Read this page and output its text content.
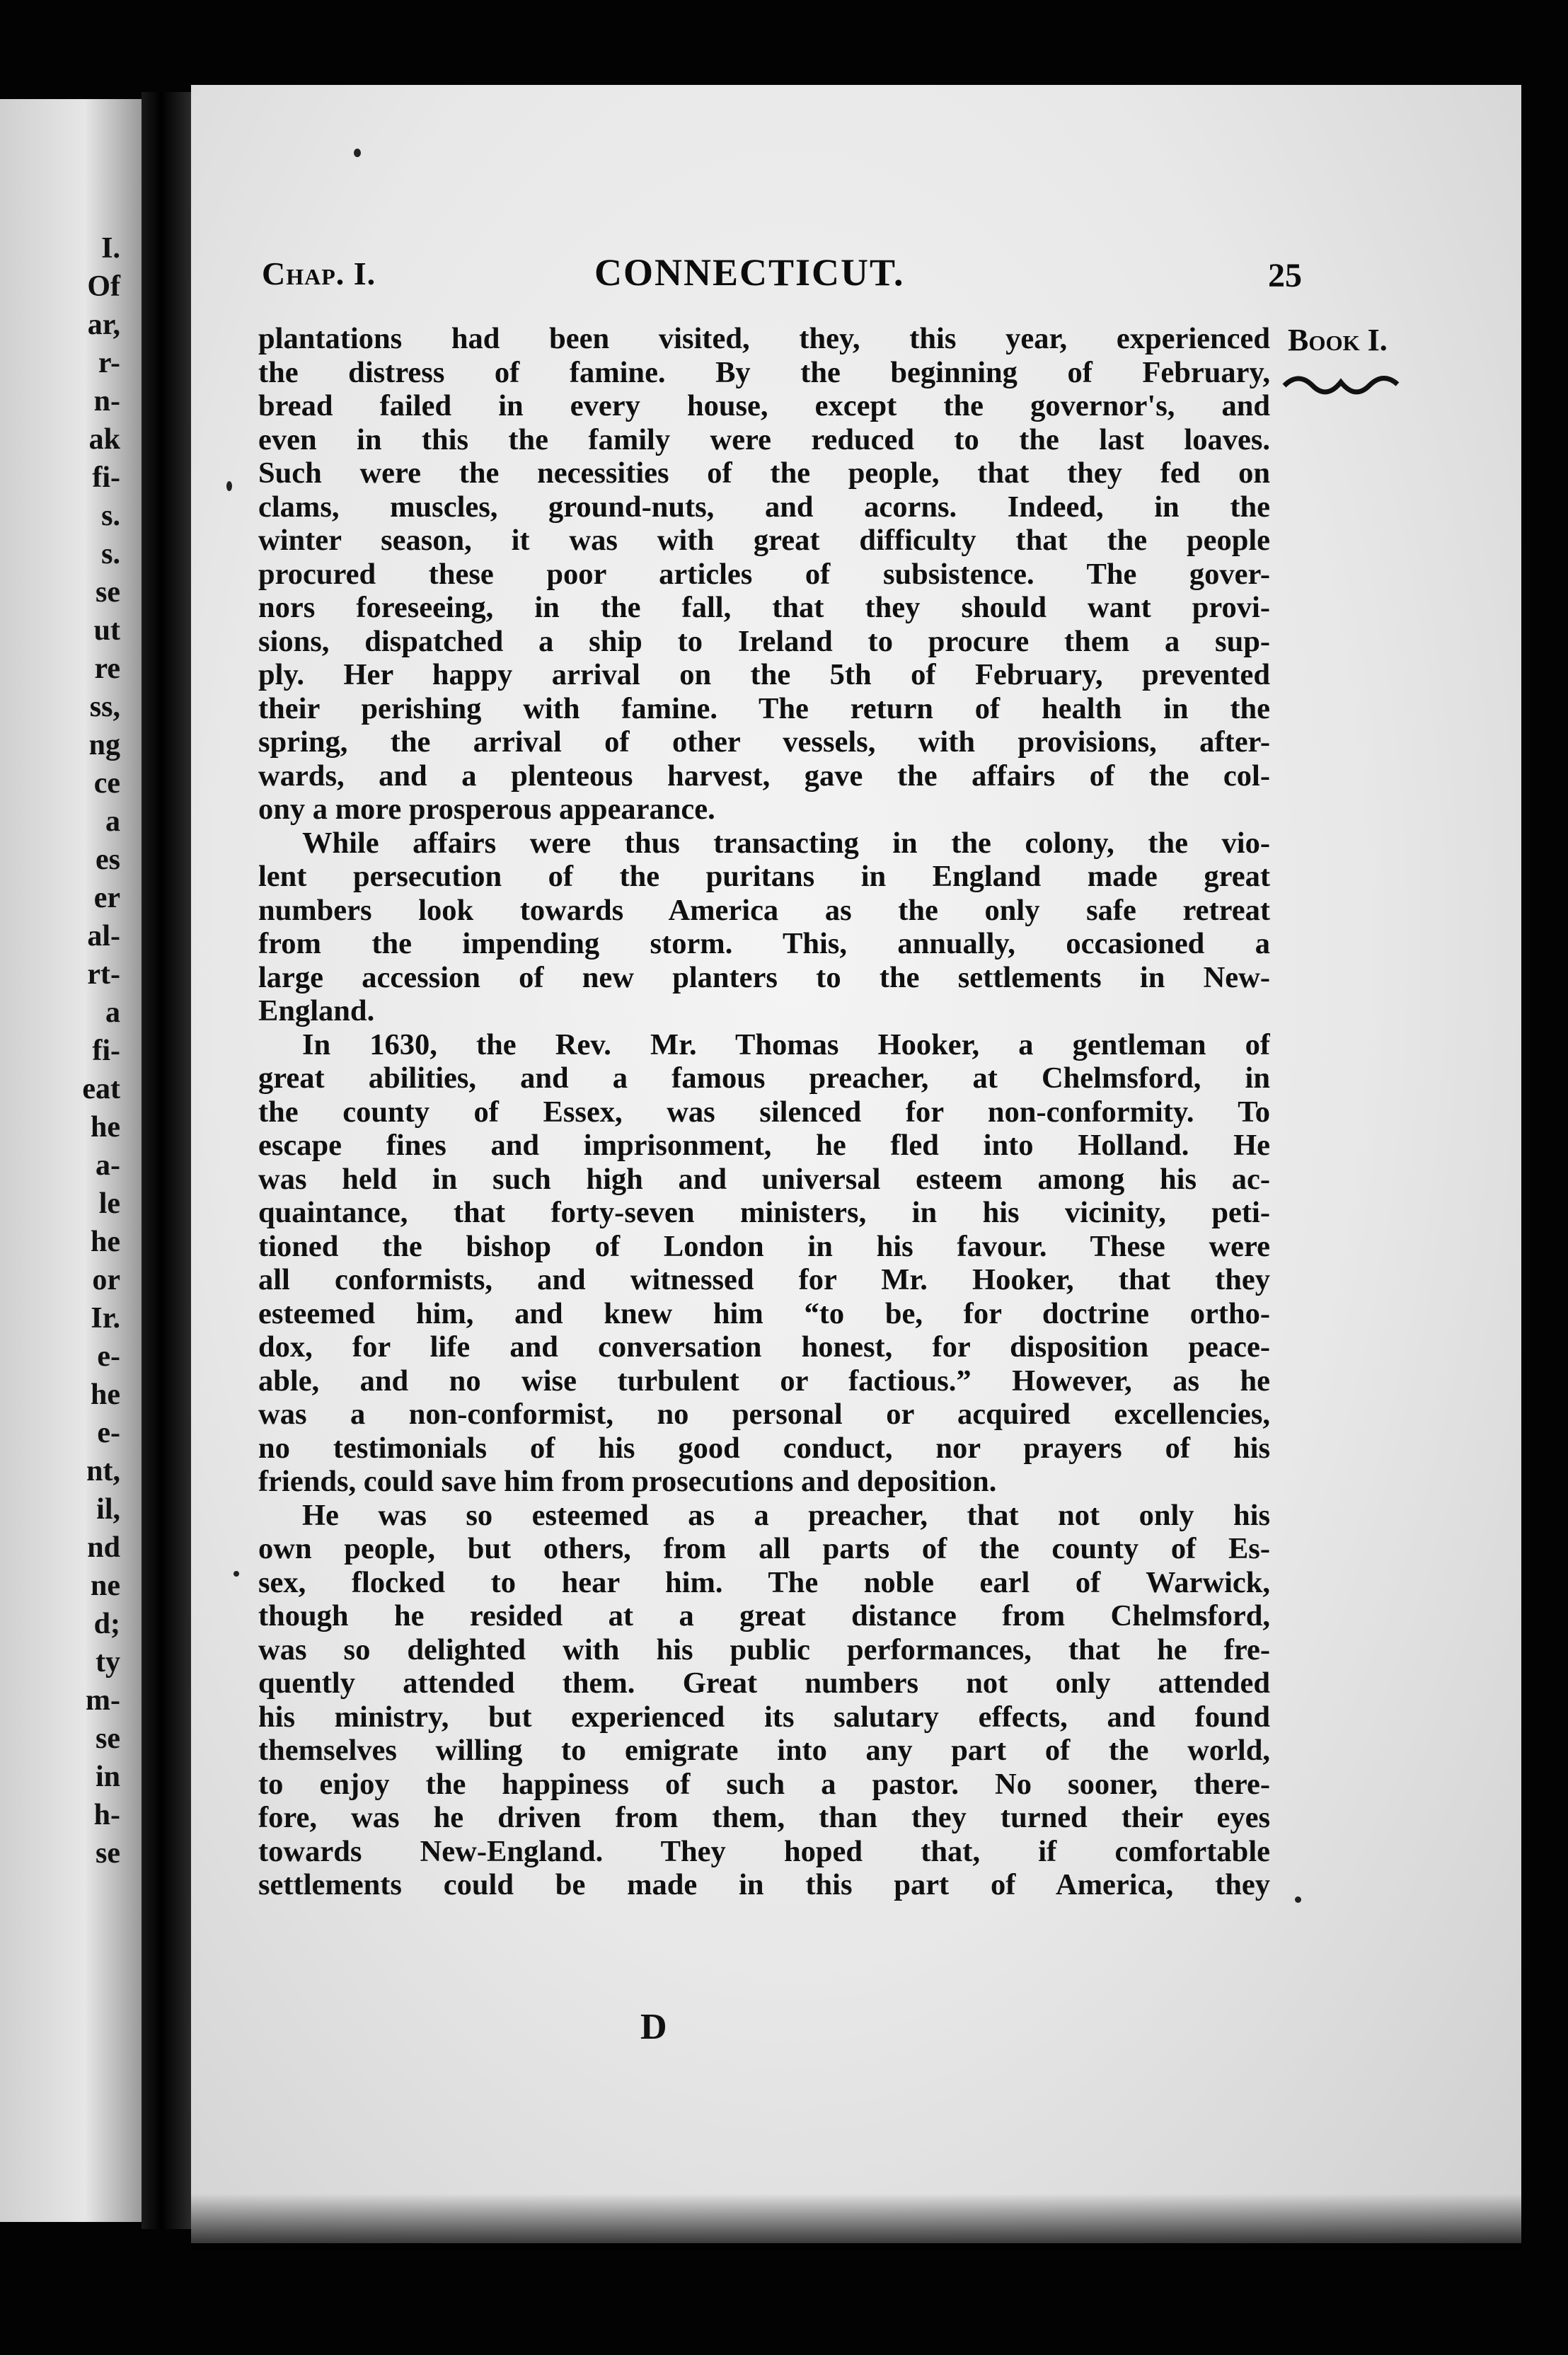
I.
Of
ar,
r-
n-
ak
fi-
s.
s.
se
ut
re
ss,
ng
ce
a
es
er
al-
rt-
a
fi-
eat
he
a-
le
he
or
Ir.
e-
he
e-
nt,
il,
nd
ne
d;
ty
m-
se
in
h-
se
Chap. I.	CONNECTICUT.	25
Book I.
plantations had been visited, they, this year, experienced
the distress of famine. By the beginning of February,
bread failed in every house, except the governor's, and
even in this the family were reduced to the last loaves.
Such were the necessities of the people, that they fed on
clams, muscles, ground-nuts, and acorns. Indeed, in the
winter season, it was with great difficulty that the people
procured these poor articles of subsistence. The gover-
nors foreseeing, in the fall, that they should want provi-
sions, dispatched a ship to Ireland to procure them a sup-
ply. Her happy arrival on the 5th of February, prevented
their perishing with famine. The return of health in the
spring, the arrival of other vessels, with provisions, after-
wards, and a plenteous harvest, gave the affairs of the col-
ony a more prosperous appearance.
While affairs were thus transacting in the colony, the vio-
lent persecution of the puritans in England made great
numbers look towards America as the only safe retreat
from the impending storm. This, annually, occasioned a
large accession of new planters to the settlements in New-
England.
In 1630, the Rev. Mr. Thomas Hooker, a gentleman of
great abilities, and a famous preacher, at Chelmsford, in
the county of Essex, was silenced for non-conformity. To
escape fines and imprisonment, he fled into Holland. He
was held in such high and universal esteem among his ac-
quaintance, that forty-seven ministers, in his vicinity, peti-
tioned the bishop of London in his favour. These were
all conformists, and witnessed for Mr. Hooker, that they
esteemed him, and knew him “to be, for doctrine ortho-
dox, for life and conversation honest, for disposition peace-
able, and no wise turbulent or factious.” However, as he
was a non-conformist, no personal or acquired excellencies,
no testimonials of his good conduct, nor prayers of his
friends, could save him from prosecutions and deposition.
He was so esteemed as a preacher, that not only his
own people, but others, from all parts of the county of Es-
sex, flocked to hear him. The noble earl of Warwick,
though he resided at a great distance from Chelmsford,
was so delighted with his public performances, that he fre-
quently attended them. Great numbers not only attended
his ministry, but experienced its salutary effects, and found
themselves willing to emigrate into any part of the world,
to enjoy the happiness of such a pastor. No sooner, there-
fore, was he driven from them, than they turned their eyes
towards New-England. They hoped that, if comfortable
settlements could be made in this part of America, they
D
